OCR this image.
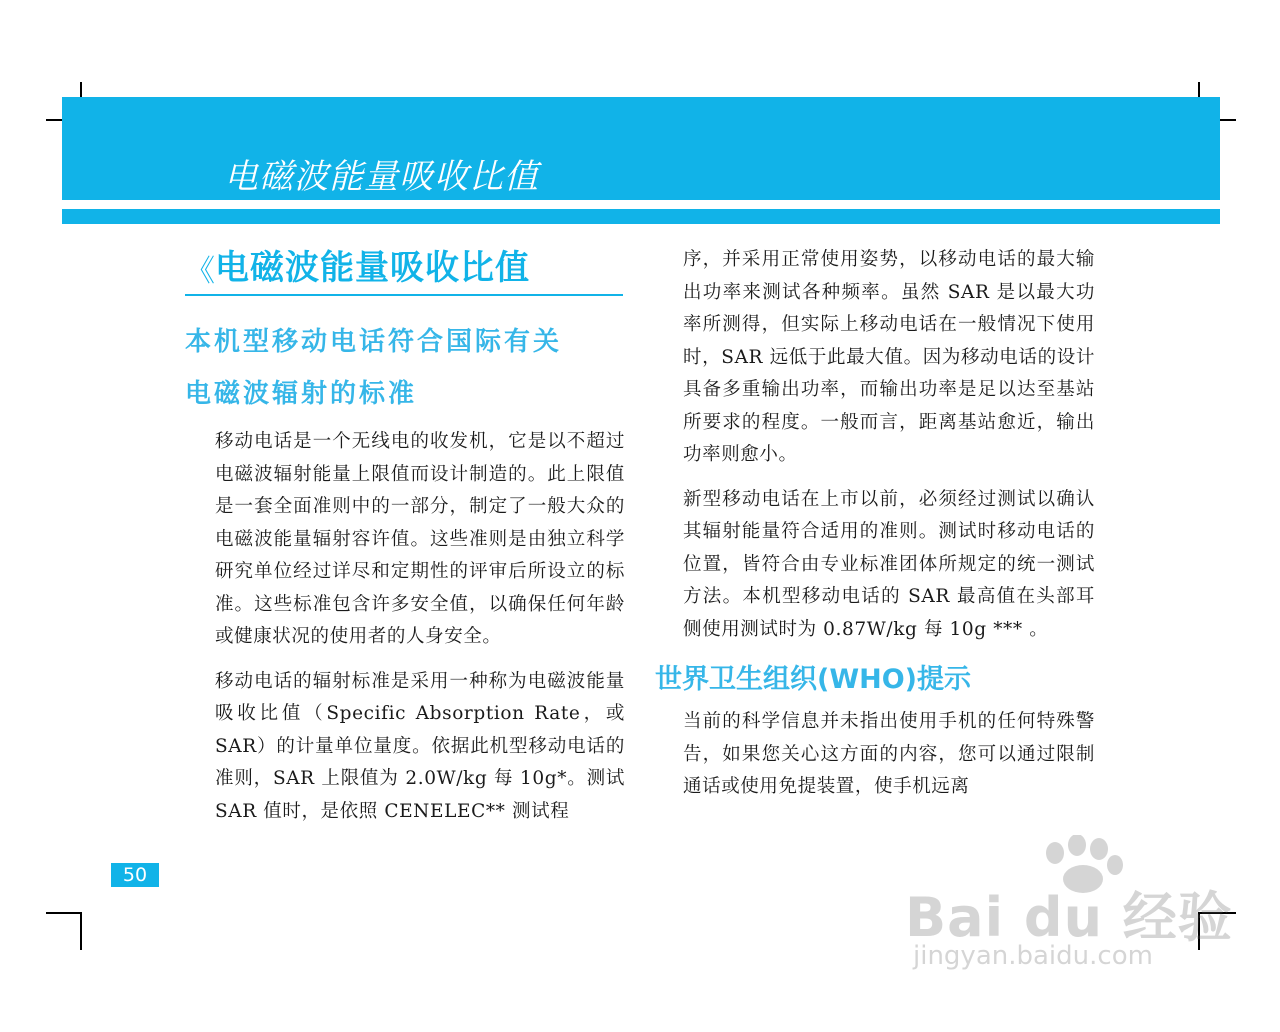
电磁波能量吸收比值
《 电磁波能量吸收比值
本机型移动电话符合国际有关
电磁波辐射的标准

移动电话是一个无线电的收发机，它是以不超过电磁波辐射能量上限值而设计制造的。此上限值是一套全面准则中的一部分，制定了一般大众的电磁波能量辐射容许值。这些准则是由独立科学研究单位经过详尽和定期性的评审后所设立的标准。这些标准包含许多安全值，以确保任何年龄或健康状况的使用者的人身安全。

移动电话的辐射标准是采用一种称为电磁波能量吸收比值（Specific Absorption Rate，或SAR）的计量单位量度。依据此机型移动电话的准则，SAR 上限值为 2.0W/kg 每 10g*。测试 SAR 值时，是依照 CENELEC** 测试程

序，并采用正常使用姿势，以移动电话的最大输出功率来测试各种频率。虽然 SAR 是以最大功率所测得，但实际上移动电话在一般情况下使用时，SAR 远低于此最大值。因为移动电话的设计具备多重输出功率，而输出功率是足以达至基站所要求的程度。一般而言，距离基站愈近，输出功率则愈小。

新型移动电话在上市以前，必须经过测试以确认其辐射能量符合适用的准则。测试时移动电话的位置，皆符合由专业标准团体所规定的统一测试方法。本机型移动电话的 SAR 最高值在头部耳侧使用测试时为 0.87W/kg 每 10g *** 。

世界卫生组织(WHO)提示

当前的科学信息并未指出使用手机的任何特殊警告，如果您关心这方面的内容，您可以通过限制通话或使用免提装置，使手机远离

50
Bai du 经验
jingyan.baidu.com
